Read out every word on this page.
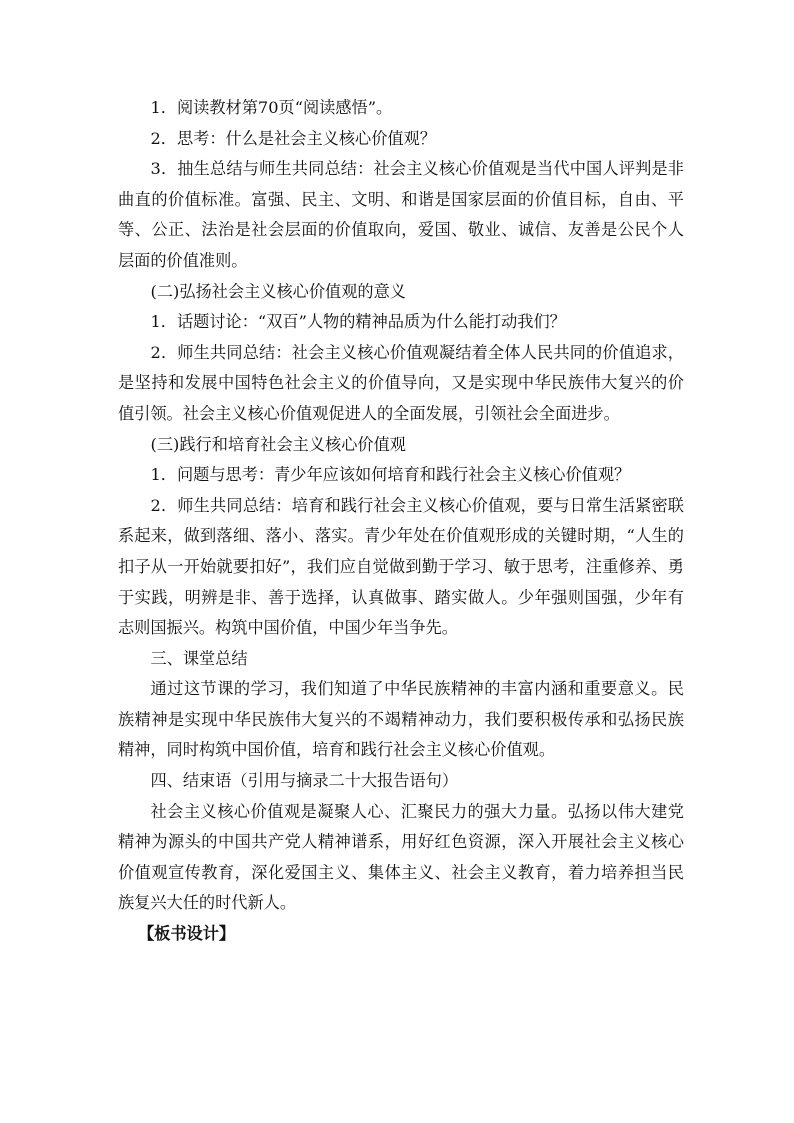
1．阅读教材第70页“阅读感悟”。

2．思考：什么是社会主义核心价值观？

3．抽生总结与师生共同总结：社会主义核心价值观是当代中国人评判是非曲直的价值标准。富强、民主、文明、和谐是国家层面的价值目标，自由、平等、公正、法治是社会层面的价值取向，爱国、敬业、诚信、友善是公民个人层面的价值准则。

(二)弘扬社会主义核心价值观的意义

1．话题讨论：“双百”人物的精神品质为什么能打动我们？

2．师生共同总结：社会主义核心价值观凝结着全体人民共同的价值追求，是坚持和发展中国特色社会主义的价值导向，又是实现中华民族伟大复兴的价值引领。社会主义核心价值观促进人的全面发展，引领社会全面进步。

(三)践行和培育社会主义核心价值观

1．问题与思考：青少年应该如何培育和践行社会主义核心价值观？

2．师生共同总结：培育和践行社会主义核心价值观，要与日常生活紧密联系起来，做到落细、落小、落实。青少年处在价值观形成的关键时期，“人生的扣子从一开始就要扣好”，我们应自觉做到勤于学习、敏于思考，注重修养、勇于实践，明辨是非、善于选择，认真做事、踏实做人。少年强则国强，少年有志则国振兴。构筑中国价值，中国少年当争先。

三、课堂总结

通过这节课的学习，我们知道了中华民族精神的丰富内涵和重要意义。民族精神是实现中华民族伟大复兴的不竭精神动力，我们要积极传承和弘扬民族精神，同时构筑中国价值，培育和践行社会主义核心价值观。

四、结束语（引用与摘录二十大报告语句）

社会主义核心价值观是凝聚人心、汇聚民力的强大力量。弘扬以伟大建党精神为源头的中国共产党人精神谱系，用好红色资源，深入开展社会主义核心价值观宣传教育，深化爱国主义、集体主义、社会主义教育，着力培养担当民族复兴大任的时代新人。

【板书设计】
